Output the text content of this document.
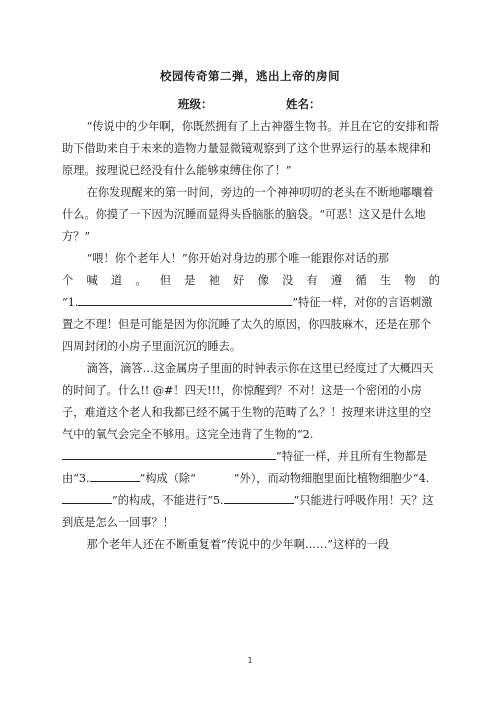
校园传奇第二弹，逃出上帝的房间
班级：	姓名：

“传说中的少年啊，你既然拥有了上古神器生物书。并且在它的安排和帮助下借助来自于未来的造物力量显微镜观察到了这个世界运行的基本规律和原理。按理说已经没有什么能够束缚住你了！”

在你发现醒来的第一时间，旁边的一个神神叨叨的老头在不断地嘟囔着什么。你摸了一下因为沉睡而显得头昏脑胀的脑袋。“可恶！这又是什么地方？”

“喂！你个老年人！”你开始对身边的那个唯一能跟你对话的那

个喊道。但是祂好像没有遵循生物的

“1.	”特征一样，对你的言语刺激置之不理！但是可能是因为你沉睡了太久的原因，你四肢麻木，还是在那个四周封闭的小房子里面沉沉的睡去。

滴答，滴答…这金属房子里面的时钟表示你在这里已经度过了大概四天的时间了。什么!! @#！四天!!!，你惊醒到？不对！这是一个密闭的小房子，难道这个老人和我都已经不属于生物的范畴了么？！按理来讲这里的空气中的氧气会完全不够用。这完全违背了生物的“2.”特征一样，并且所有生物都是由“3.	”构成（除“	”外），而动物细胞里面比植物细胞少“4.”的构成，不能进行“5.	”只能进行呼吸作用！天？这到底是怎么一回事？！

那个老年人还在不断重复着“传说中的少年啊……”这样的一段

1
